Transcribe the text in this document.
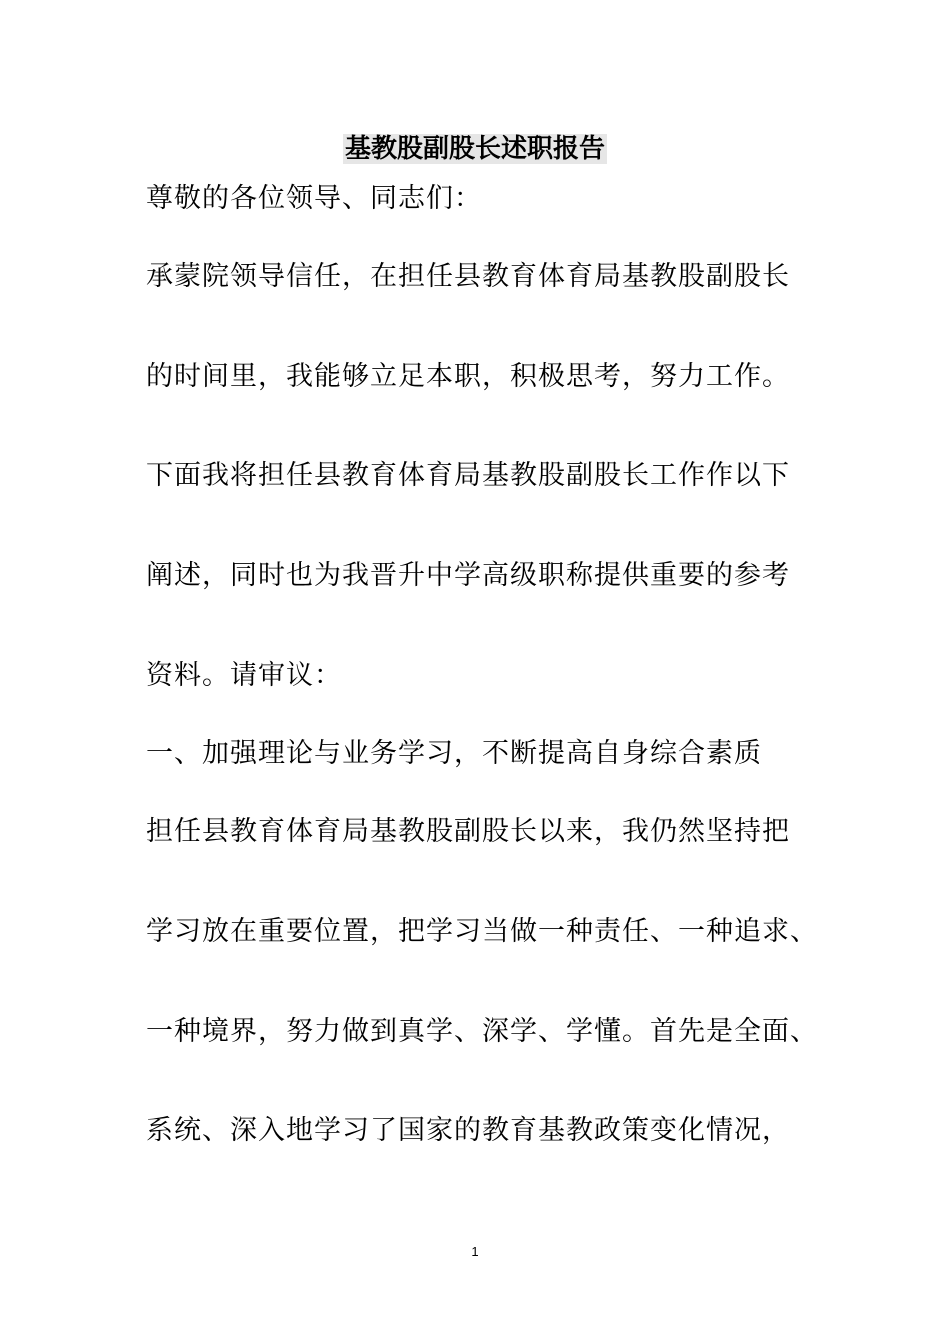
基教股副股长述职报告
尊敬的各位领导、同志们：
承蒙院领导信任，在担任县教育体育局基教股副股长
的时间里，我能够立足本职，积极思考，努力工作。
下面我将担任县教育体育局基教股副股长工作作以下
阐述，同时也为我晋升中学高级职称提供重要的参考
资料。请审议：
一、加强理论与业务学习，不断提高自身综合素质
担任县教育体育局基教股副股长以来，我仍然坚持把
学习放在重要位置，把学习当做一种责任、一种追求、
一种境界，努力做到真学、深学、学懂。首先是全面、
系统、深入地学习了国家的教育基教政策变化情况，
1
